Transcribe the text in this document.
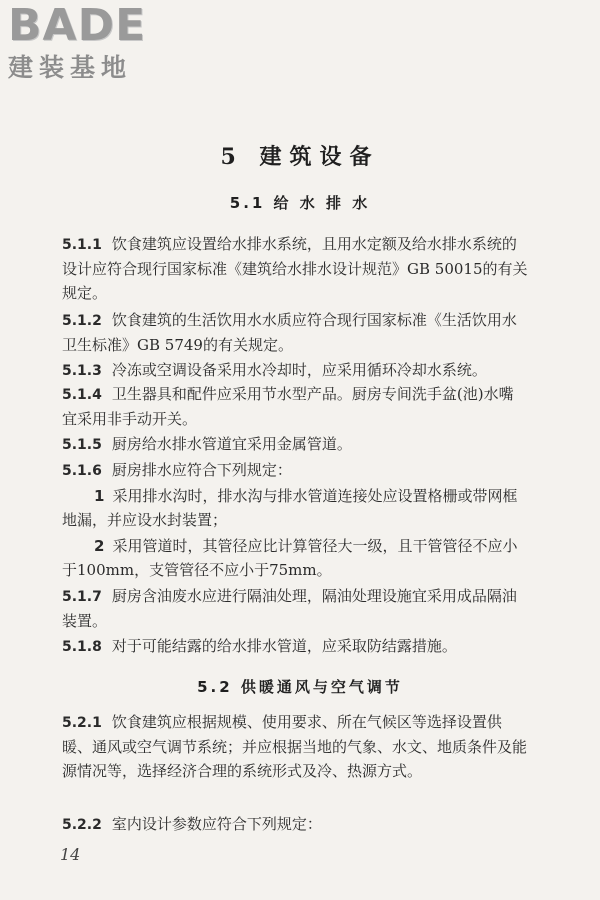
BADE
建装基地
5 建筑设备
5.1 给 水 排 水
5.1.1 饮食建筑应设置给水排水系统，且用水定额及给水排水系统的设计应符合现行国家标准《建筑给水排水设计规范》GB 50015的有关规定。
5.1.2 饮食建筑的生活饮用水水质应符合现行国家标准《生活饮用水卫生标准》GB 5749的有关规定。
5.1.3 冷冻或空调设备采用水冷却时，应采用循环冷却水系统。
5.1.4 卫生器具和配件应采用节水型产品。厨房专间洗手盆(池)水嘴宜采用非手动开关。
5.1.5 厨房给水排水管道宜采用金属管道。
5.1.6 厨房排水应符合下列规定：
1 采用排水沟时，排水沟与排水管道连接处应设置格栅或带网框地漏，并应设水封装置；
2 采用管道时，其管径应比计算管径大一级，且干管管径不应小于100mm，支管管径不应小于75mm。
5.1.7 厨房含油废水应进行隔油处理，隔油处理设施宜采用成品隔油装置。
5.1.8 对于可能结露的给水排水管道，应采取防结露措施。
5.2 供暖通风与空气调节
5.2.1 饮食建筑应根据规模、使用要求、所在气候区等选择设置供暖、通风或空气调节系统；并应根据当地的气象、水文、地质条件及能源情况等，选择经济合理的系统形式及冷、热源方式。
5.2.2 室内设计参数应符合下列规定：
14
